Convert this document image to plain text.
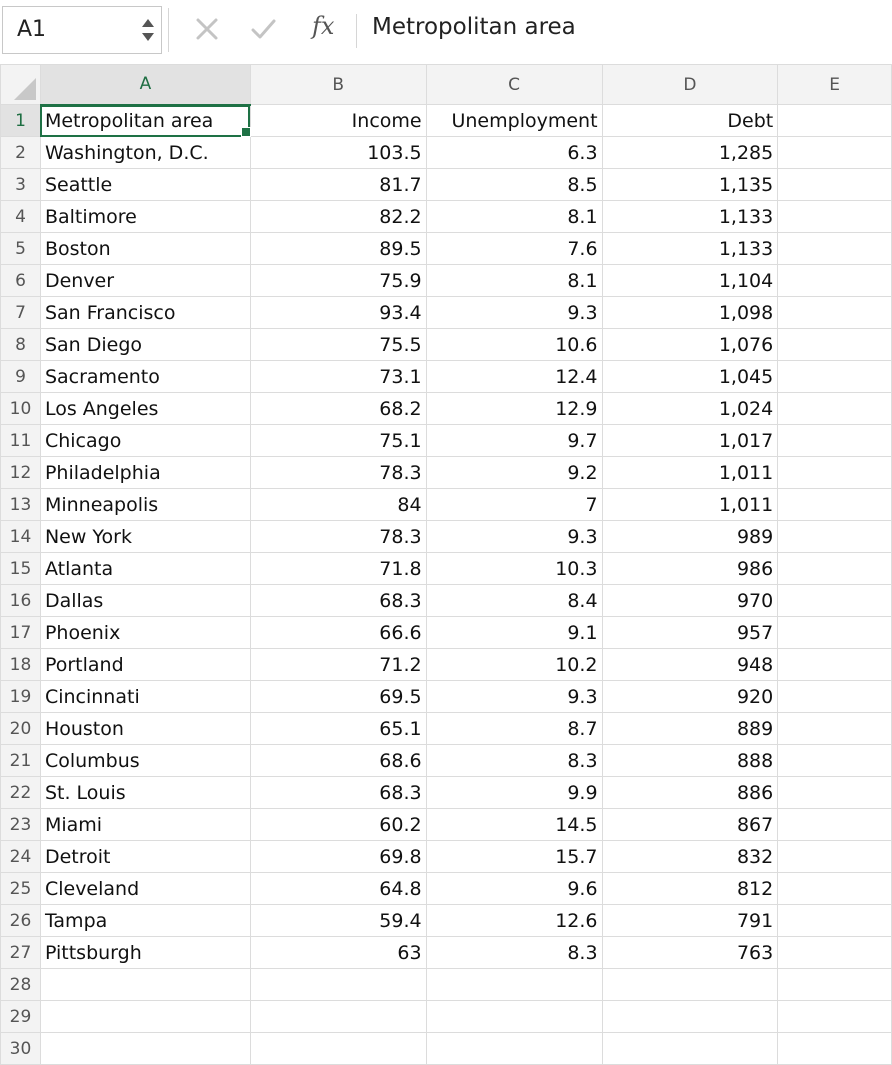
A1	fx Metropolitan area
	A	B	C	D	E
1	Metropolitan area	Income	Unemployment	Debt	
2	Washington, D.C.	103.5	6.3	1,285	
3	Seattle	81.7	8.5	1,135	
4	Baltimore	82.2	8.1	1,133	
5	Boston	89.5	7.6	1,133	
6	Denver	75.9	8.1	1,104	
7	San Francisco	93.4	9.3	1,098	
8	San Diego	75.5	10.6	1,076	
9	Sacramento	73.1	12.4	1,045	
10	Los Angeles	68.2	12.9	1,024	
11	Chicago	75.1	9.7	1,017	
12	Philadelphia	78.3	9.2	1,011	
13	Minneapolis	84	7	1,011	
14	New York	78.3	9.3	989	
15	Atlanta	71.8	10.3	986	
16	Dallas	68.3	8.4	970	
17	Phoenix	66.6	9.1	957	
18	Portland	71.2	10.2	948	
19	Cincinnati	69.5	9.3	920	
20	Houston	65.1	8.7	889	
21	Columbus	68.6	8.3	888	
22	St. Louis	68.3	9.9	886	
23	Miami	60.2	14.5	867	
24	Detroit	69.8	15.7	832	
25	Cleveland	64.8	9.6	812	
26	Tampa	59.4	12.6	791	
27	Pittsburgh	63	8.3	763	
28					
29					
30					
